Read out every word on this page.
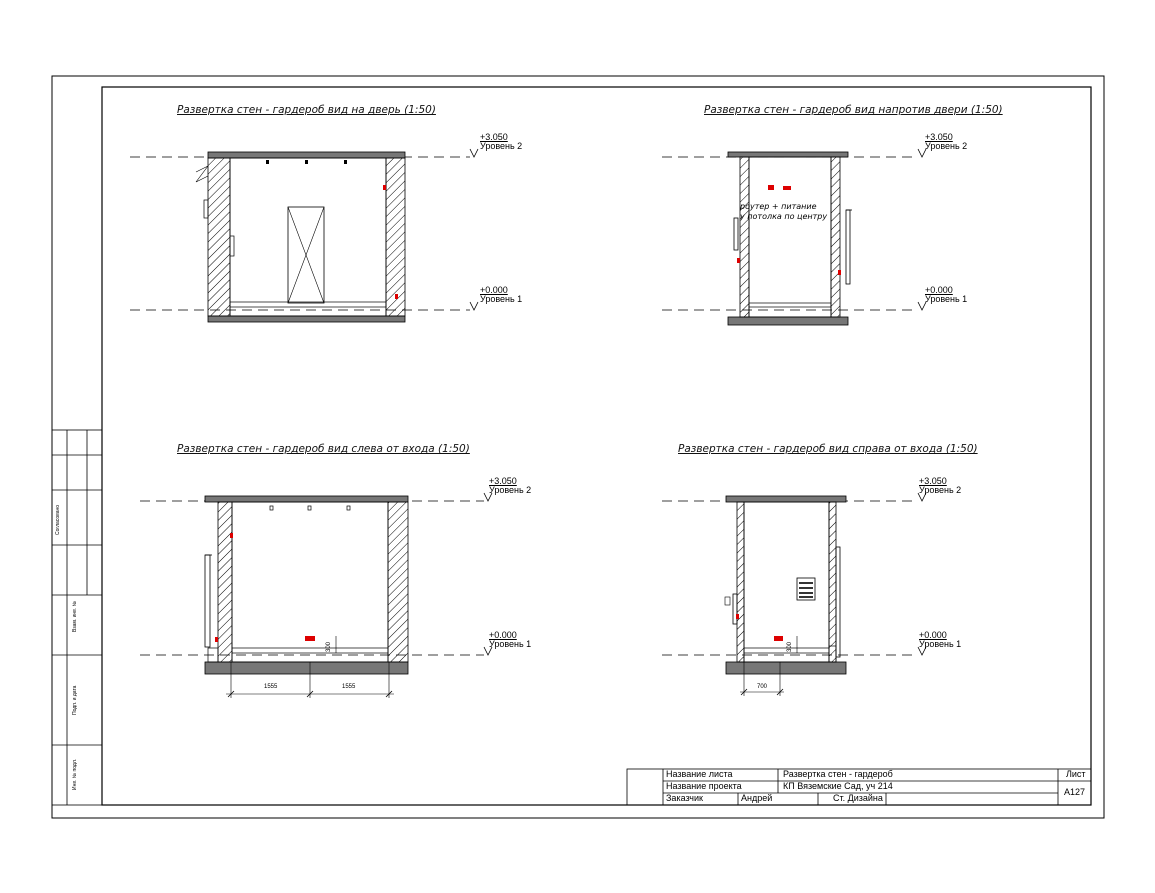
Развертка стен - гардероб вид на дверь (1:50)	Развертка стен - гардероб вид напротив двери (1:50)
Развертка стен - гардероб вид слева от входа (1:50)	Развертка стен - гардероб вид справа от входа (1:50)
+3.050
Уровень 2
+0.000
Уровень 1
+3.050
Уровень 2
+0.000
Уровень 1
+3.050
Уровень 2
+0.000
Уровень 1
+3.050
Уровень 2
+0.000
Уровень 1
роутер + питание
у потолка по центру
1555	1555
300
700
300
Согласовано
Взам. инв. №
Подп. и дата
Инв. № подл.	Название листа	Развертка стен - гардероб
Название проекта	КП Вяземские Сад, уч 214
Заказчик	Андрей	Ст. Дизайна
Лист
A127
